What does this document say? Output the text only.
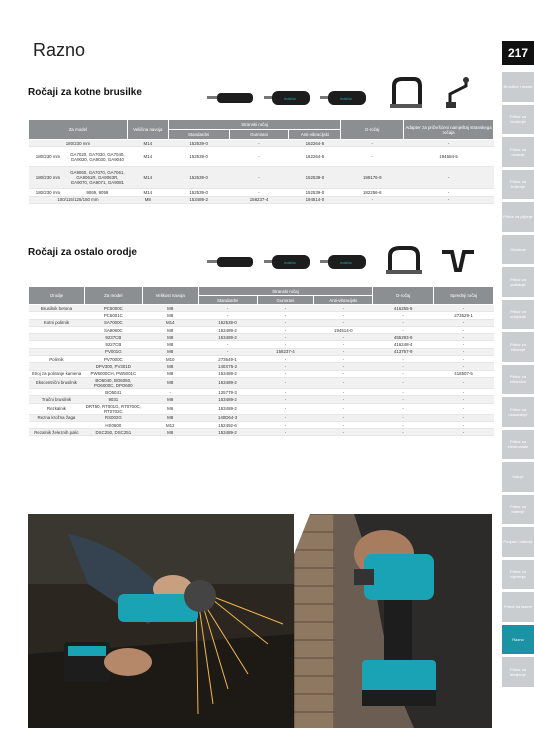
Razno	217
Brusilice i rezači
Pribor za brušenje
Pribor za rezanje
Pribor za bušenje
Pribor za piljenje
Glodanje
Pribor za poliranje
Pribor za odvijanje
Pribor za čišćenje
Pribor za vrtlarstvo
Pribor za usisavanje
Pribor za elektroalate
Kalupi
Pribor za baterije
Punjači i baterije
Pribor za mjerenje
Pribor za lasere
Razno
Pribor za lemljenje
Ročaji za kotne brusilke
makita	makita
Za model		Veličina navoja	Stranski ročaj			D-ročaj	Adapter za pričvršćeni namještaj stranskega ročaja
			Standardni	Gumirani	Anti-vibracijski		
180/230 mm		M14	152539-0	-	162264-5	-	-
180/230 mm	GA7020, GA7030, GA7040, GA9020, GA9030, GA9040	M14	152539-0	-	162264-5	-	194684-5
180/230 mm	GA9060, GA7070, GA7061, GA9061R, GA9063R, GA9070, GA9071, GA9081	M14	152539-0	-	152539-0	199176-9	-
180/230 mm	9069, 9059	M14	152539-0	-	152539-0	182256-6	-
100/115/125/150 mm		M8	153489-2	158237-4	194514-0	-	-
Ročaji za ostalo orodje
makita	makita
Orodje	Za model	Velikost navoja	Stranski ročaj			D-ročaj	Sprednji ročaj
			Standardni	Gumirani	Anti-vibracijski		
Brusilnik betona	PC5000C	M8	-	-	-	416255-9	-
	PC5001C	M8	-	-	-	-	273529-1
Kotni polirnik	SA7000C	M14	152539-0	-	-	-	-
	SA9060C	M8	153489-2	-	194514-0	-	-
	9237CB	M8	153489-2	-	-	455293-9	-
	9227CB	M8	-	-	-	416248-4	-
	PV001G	M8	-	158237-4	-	413767-9	-
Polirnik	PV7000C	M10	273649-1	-	-	-	-
	DPV300, PV301D	M8	140X75-2	-	-	-	-
Stroj za poliranje kamena	PW5000CH, PW5001C	M8	153489-2	-	-	-	418507-5
Ekscentrični brusilnik	BO6040, BO6050, PO6000C, DPO600	M8	153489-2	-	-	-	-
	BO5041	-	125779-3	-	-	-	-
Tračni brusilnik	9031	M8	153489-2	-	-	-	-
Rezkalnik	DRT50, RT001G, RT0700C, RT0702C	M6	153489-2	-	-	-	-
Rezna krožna žaga	RS002G	M8	140D64-3	-	-	-	-
	HS0600	M12	152492-6	-	-	-	-
Rezalnik železnih palic	DSC250, DSC251	M8	153489-2	-	-	-	-
